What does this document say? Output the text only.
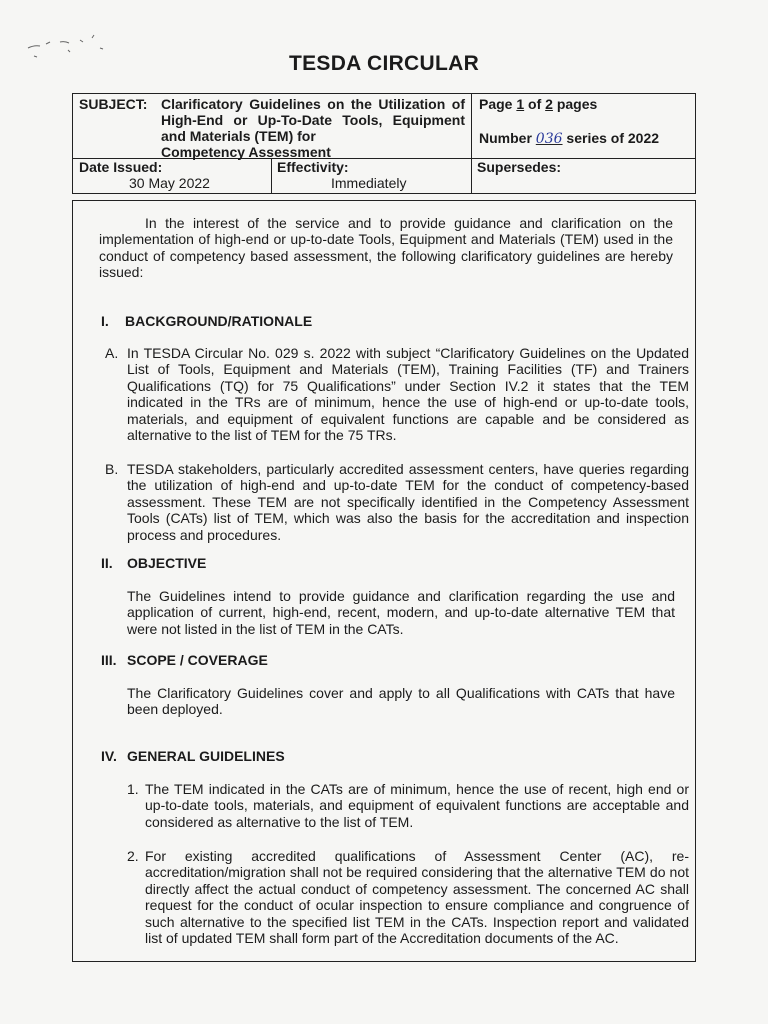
TESDA CIRCULAR
SUBJECT: Clarificatory Guidelines on the Utilization of High-End or Up-To-Date Tools, Equipment and Materials (TEM) for
Competency Assessment
Page 1 of 2 pages
Number 036 series of 2022
Date Issued:
30 May 2022
Effectivity:
Immediately
Supersedes:
In the interest of the service and to provide guidance and clarification on the implementation of high-end or up-to-date Tools, Equipment and Materials (TEM) used in the conduct of competency based assessment, the following clarificatory guidelines are hereby issued:
I. BACKGROUND/RATIONALE
A. In TESDA Circular No. 029 s. 2022 with subject “Clarificatory Guidelines on the Updated List of Tools, Equipment and Materials (TEM), Training Facilities (TF) and Trainers Qualifications (TQ) for 75 Qualifications” under Section IV.2 it states that the TEM indicated in the TRs are of minimum, hence the use of high-end or up-to-date tools, materials, and equipment of equivalent functions are capable and be considered as alternative to the list of TEM for the 75 TRs.
B. TESDA stakeholders, particularly accredited assessment centers, have queries regarding the utilization of high-end and up-to-date TEM for the conduct of competency-based assessment. These TEM are not specifically identified in the Competency Assessment Tools (CATs) list of TEM, which was also the basis for the accreditation and inspection process and procedures.
II. OBJECTIVE
The Guidelines intend to provide guidance and clarification regarding the use and application of current, high-end, recent, modern, and up-to-date alternative TEM that were not listed in the list of TEM in the CATs.
III. SCOPE / COVERAGE
The Clarificatory Guidelines cover and apply to all Qualifications with CATs that have been deployed.
IV. GENERAL GUIDELINES
1. The TEM indicated in the CATs are of minimum, hence the use of recent, high end or up-to-date tools, materials, and equipment of equivalent functions are acceptable and considered as alternative to the list of TEM.
2. For existing accredited qualifications of Assessment Center (AC), re-accreditation/migration shall not be required considering that the alternative TEM do not directly affect the actual conduct of competency assessment. The concerned AC shall request for the conduct of ocular inspection to ensure compliance and congruence of such alternative to the specified list TEM in the CATs. Inspection report and validated list of updated TEM shall form part of the Accreditation documents of the AC.
